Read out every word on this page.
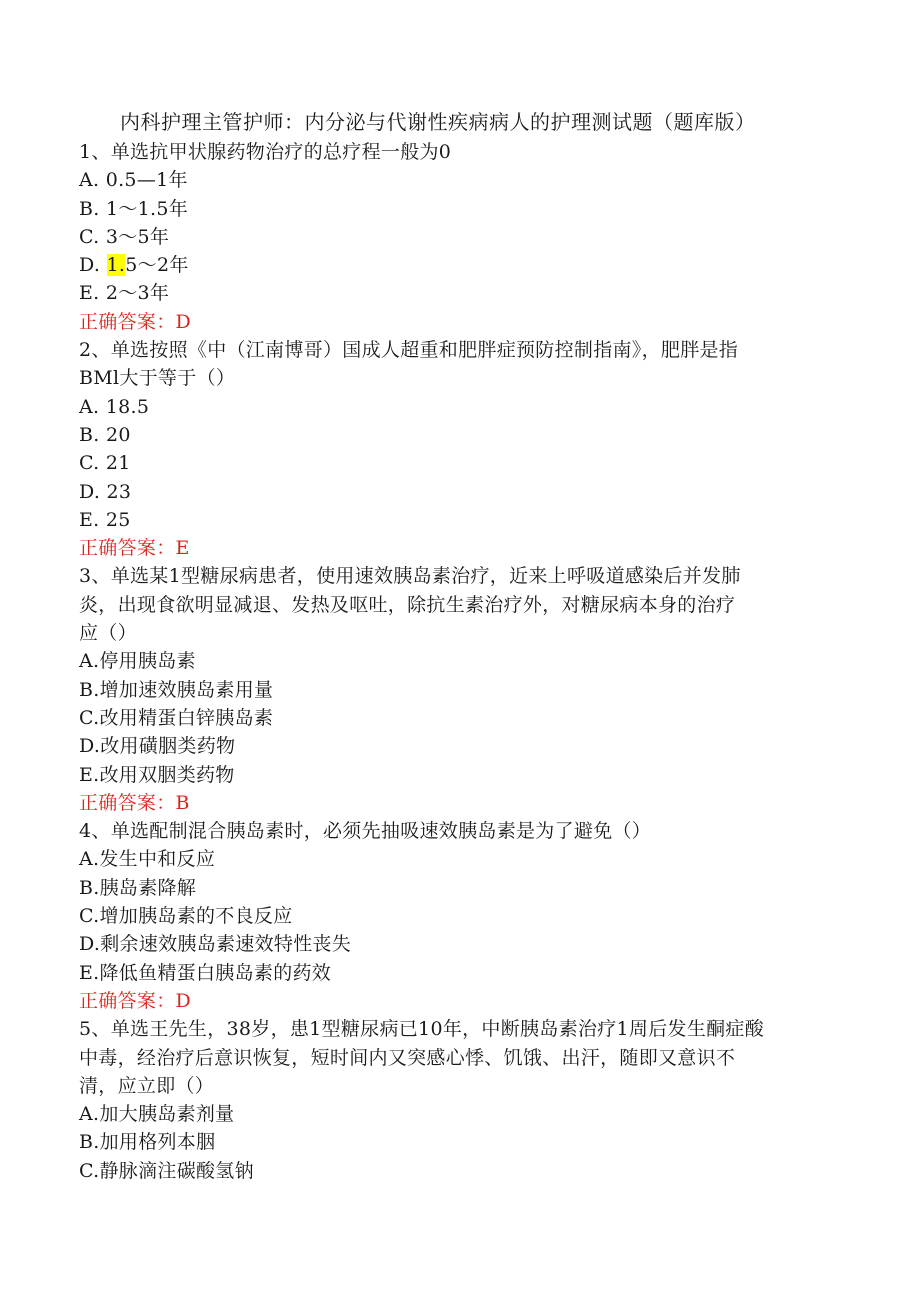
内科护理主管护师：内分泌与代谢性疾病病人的护理测试题（题库版）
1、单选抗甲状腺药物治疗的总疗程一般为0
A. 0.5—1年
B. 1～1.5年
C. 3～5年
D. 1.5～2年
E. 2～3年
正确答案：D
2、单选按照《中（江南博哥）国成人超重和肥胖症预防控制指南》，肥胖是指
BMl大于等于（）
A. 18.5
B. 20
C. 21
D. 23
E. 25
正确答案：E
3、单选某1型糖尿病患者，使用速效胰岛素治疗，近来上呼吸道感染后并发肺
炎，出现食欲明显减退、发热及呕吐，除抗生素治疗外，对糖尿病本身的治疗
应（）
A.停用胰岛素
B.增加速效胰岛素用量
C.改用精蛋白锌胰岛素
D.改用磺胭类药物
E.改用双胭类药物
正确答案：B
4、单选配制混合胰岛素时，必须先抽吸速效胰岛素是为了避免（）
A.发生中和反应
B.胰岛素降解
C.增加胰岛素的不良反应
D.剩余速效胰岛素速效特性丧失
E.降低鱼精蛋白胰岛素的药效
正确答案：D
5、单选王先生，38岁，患1型糖尿病已10年，中断胰岛素治疗1周后发生酮症酸
中毒，经治疗后意识恢复，短时间内又突感心悸、饥饿、出汗，随即又意识不
清，应立即（）
A.加大胰岛素剂量
B.加用格列本胭
C.静脉滴注碳酸氢钠
